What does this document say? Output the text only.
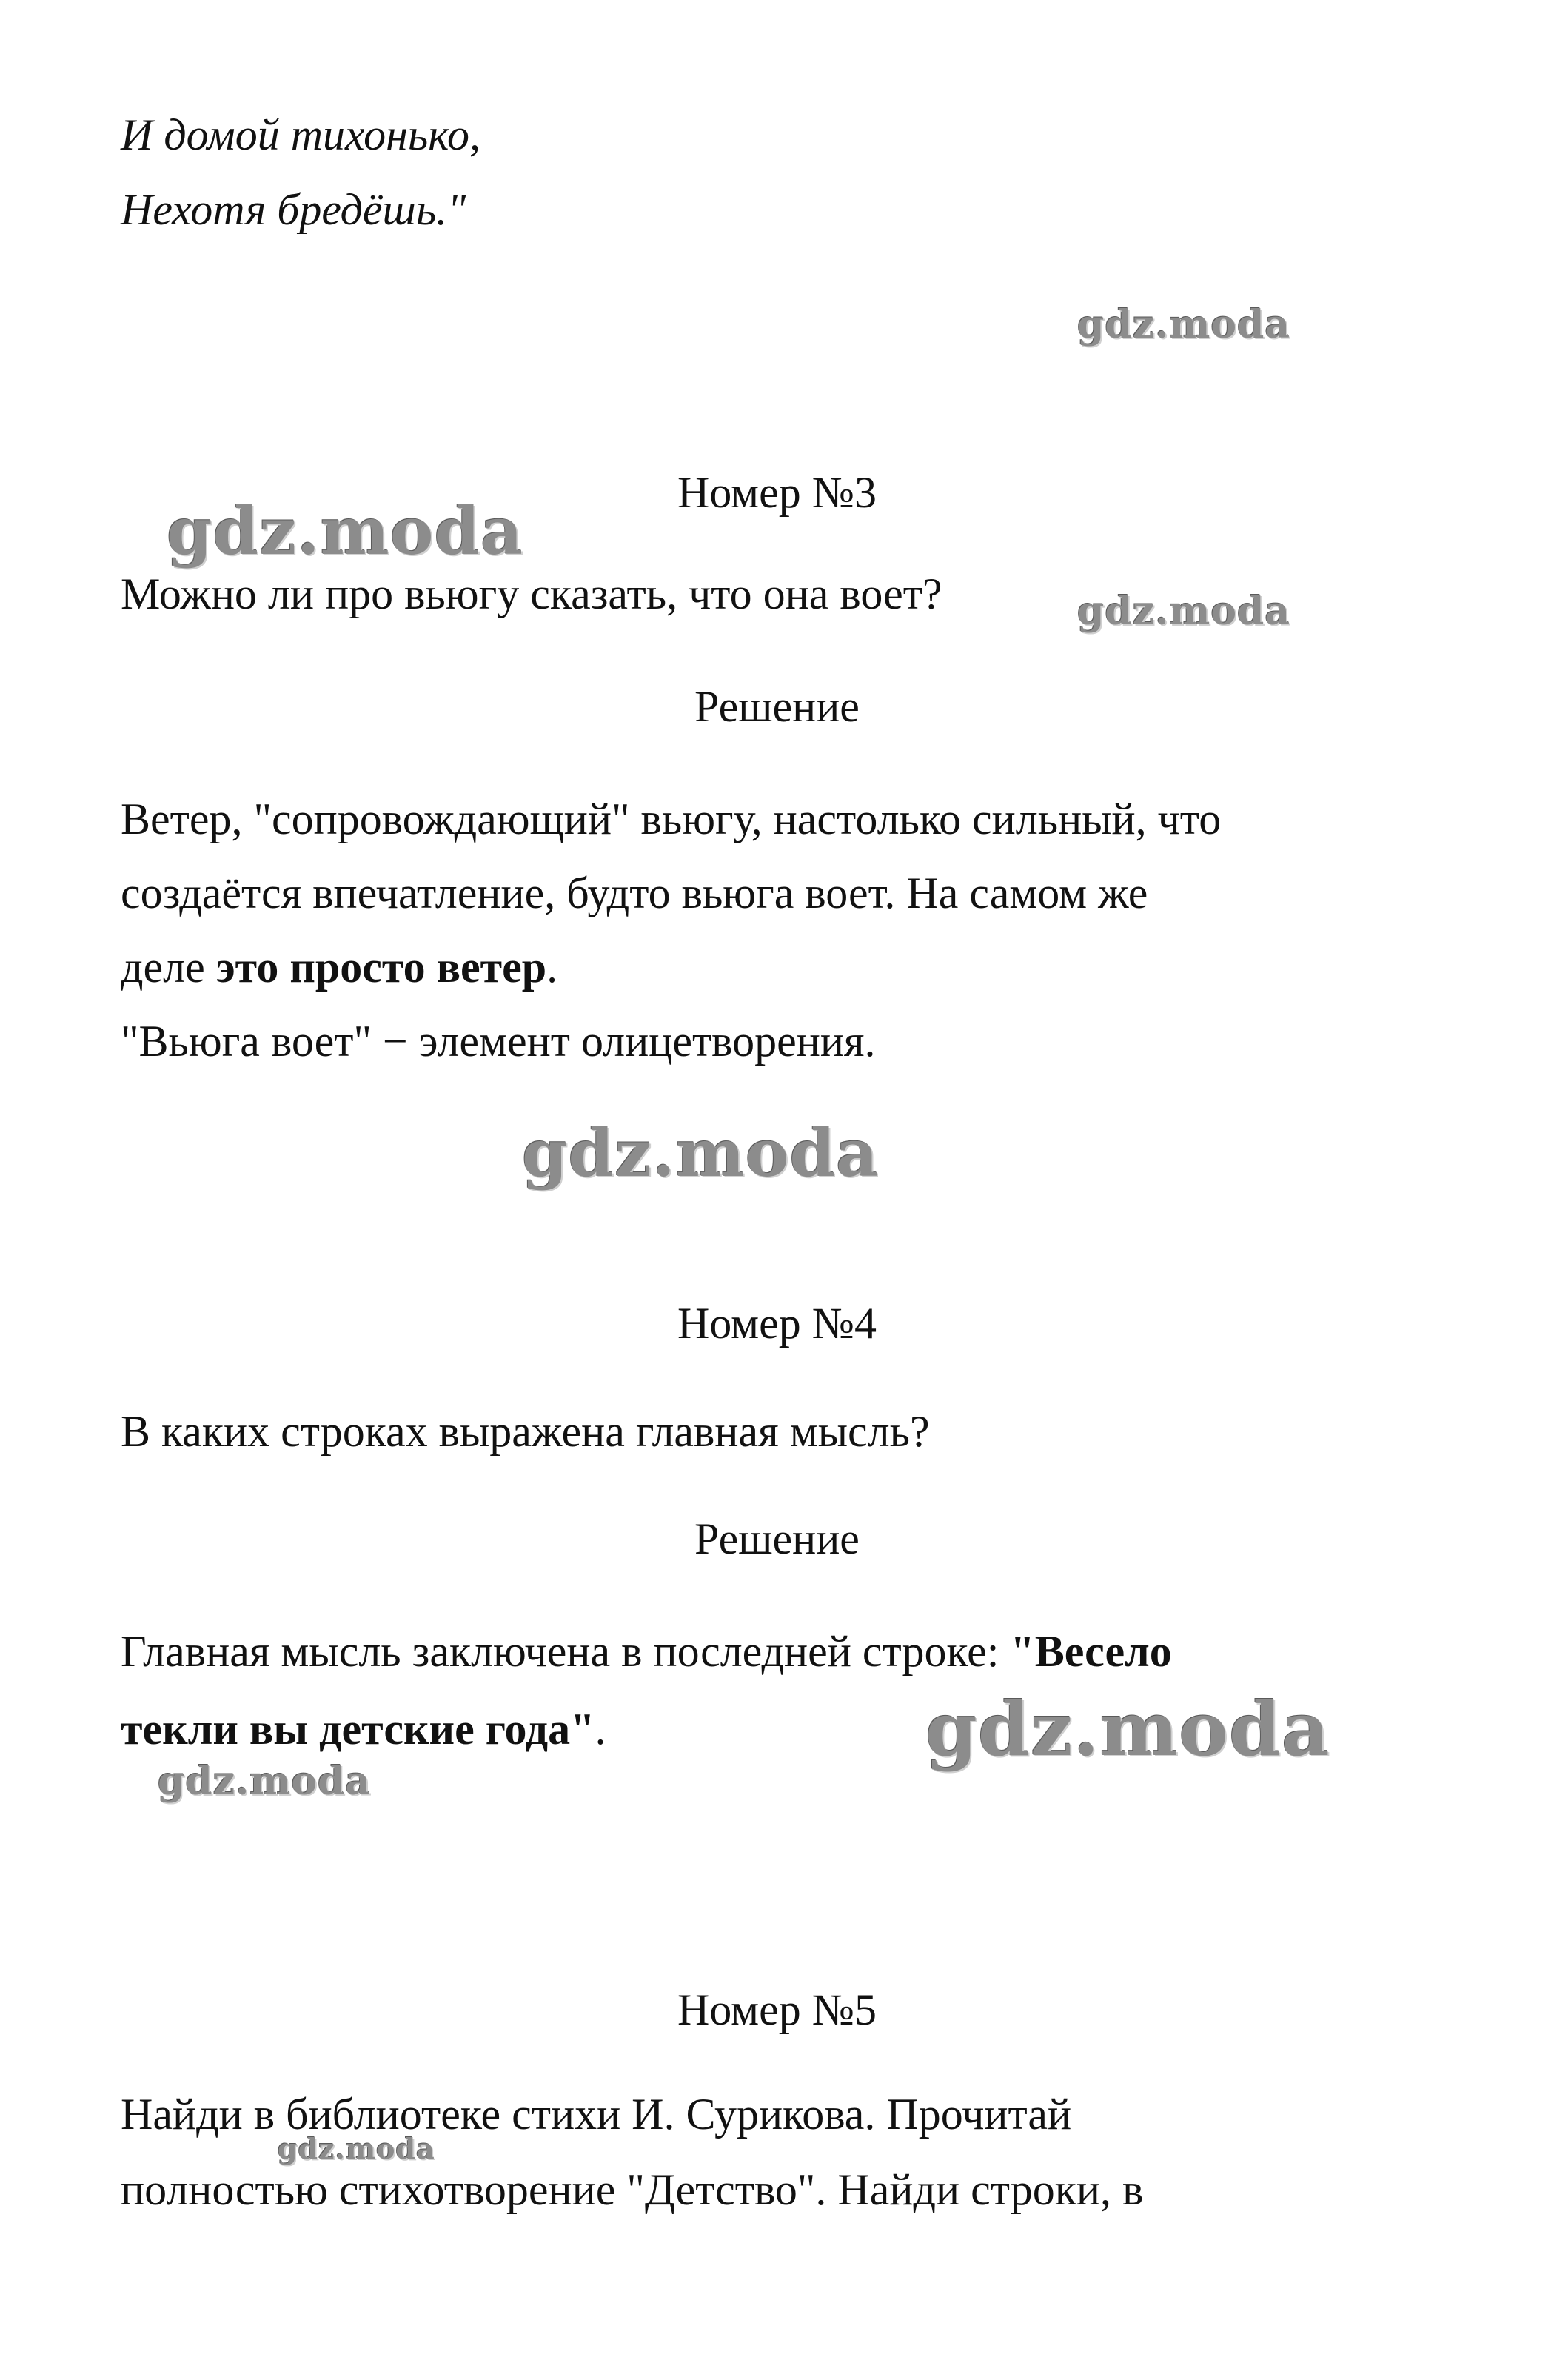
И домой тихонько,
Нехотя бредёшь."
Номер №3
Можно ли про вьюгу сказать, что она воет?
Решение
Ветер, "сопровождающий" вьюгу, настолько сильный, что
создаётся впечатление, будто вьюга воет. На самом же
деле это просто ветер.
"Вьюга воет" − элемент олицетворения.
Номер №4
В каких строках выражена главная мысль?
Решение
Главная мысль заключена в последней строке: "Весело
текли вы детские года".
Номер №5
Найди в библиотеке стихи И. Сурикова. Прочитай
полностью стихотворение "Детство". Найди строки, в
gdz.moda
gdz.moda
gdz.moda
gdz.moda
gdz.moda
gdz.moda
gdz.moda
